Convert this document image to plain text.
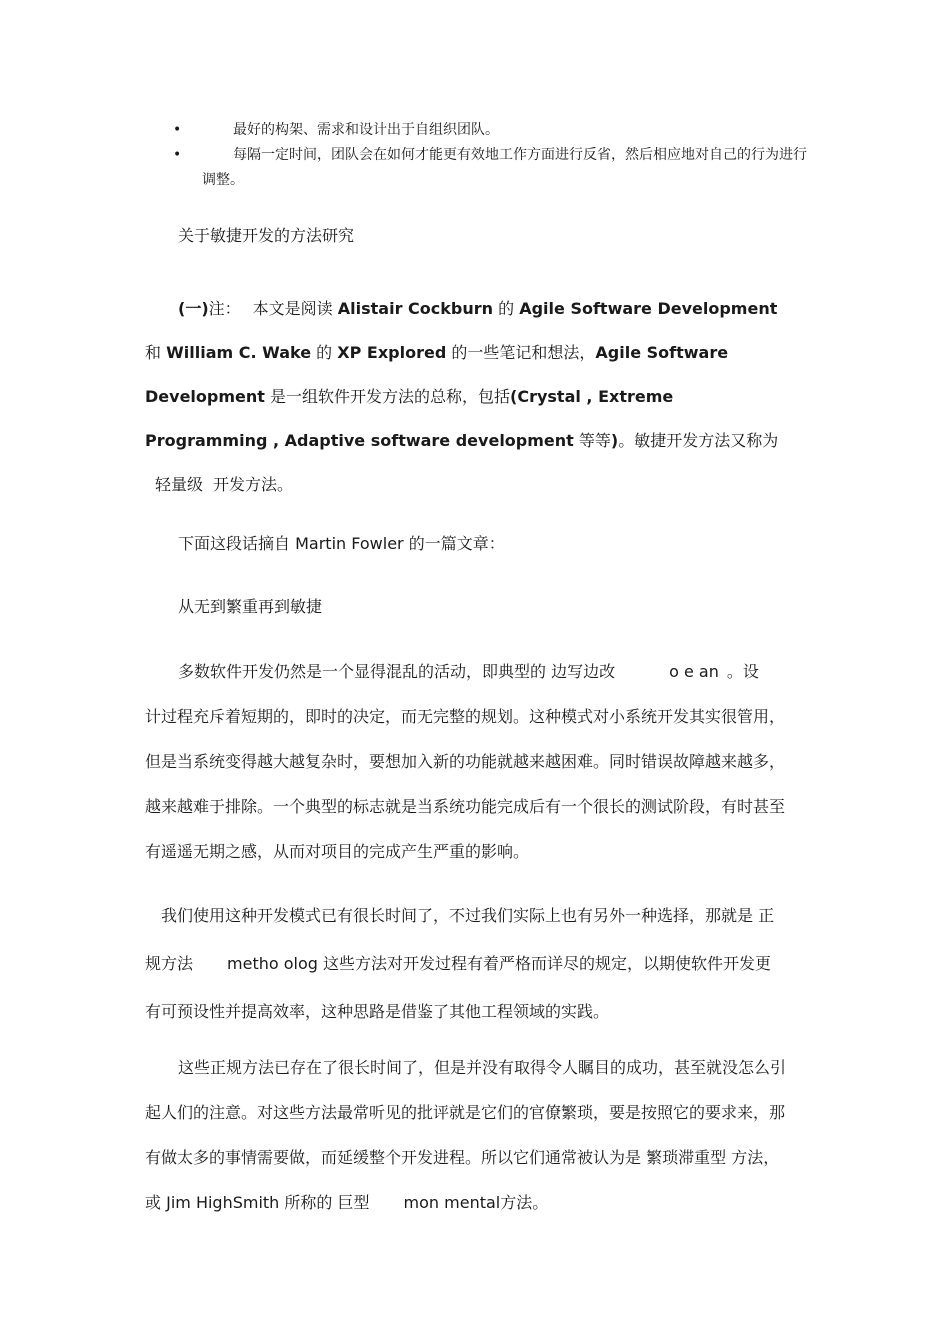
•	最好的构架、需求和设计出于自组织团队。
•	每隔一定时间，团队会在如何才能更有效地工作方面进行反省，然后相应地对自己的行为进行调整。

关于敏捷开发的方法研究

(一)注： 本文是阅读 Alistair Cockburn 的 Agile Software Development
和 William C. Wake 的 XP Explored 的一些笔记和想法，Agile Software
Development 是一组软件开发方法的总称，包括(Crystal , Extreme
Programming , Adaptive software development 等等)。敏捷开发方法又称为
轻量级 开发方法。

下面这段话摘自 Martin Fowler 的一篇文章：

从无到繁重再到敏捷

多数软件开发仍然是一个显得混乱的活动，即典型的 边写边改	o e an 。设
计过程充斥着短期的，即时的决定，而无完整的规划。这种模式对小系统开发其实很管用，
但是当系统变得越大越复杂时，要想加入新的功能就越来越困难。同时错误故障越来越多，
越来越难于排除。一个典型的标志就是当系统功能完成后有一个很长的测试阶段，有时甚至
有遥遥无期之感，从而对项目的完成产生严重的影响。
我们使用这种开发模式已有很长时间了，不过我们实际上也有另外一种选择，那就是 正
规方法 metho olog 这些方法对开发过程有着严格而详尽的规定，以期使软件开发更
有可预设性并提高效率，这种思路是借鉴了其他工程领域的实践。
这些正规方法已存在了很长时间了，但是并没有取得令人瞩目的成功，甚至就没怎么引
起人们的注意。对这些方法最常听见的批评就是它们的官僚繁琐，要是按照它的要求来，那
有做太多的事情需要做，而延缓整个开发进程。所以它们通常被认为是 繁琐滞重型 方法，
或 Jim HighSmith 所称的 巨型 mon mental方法。
